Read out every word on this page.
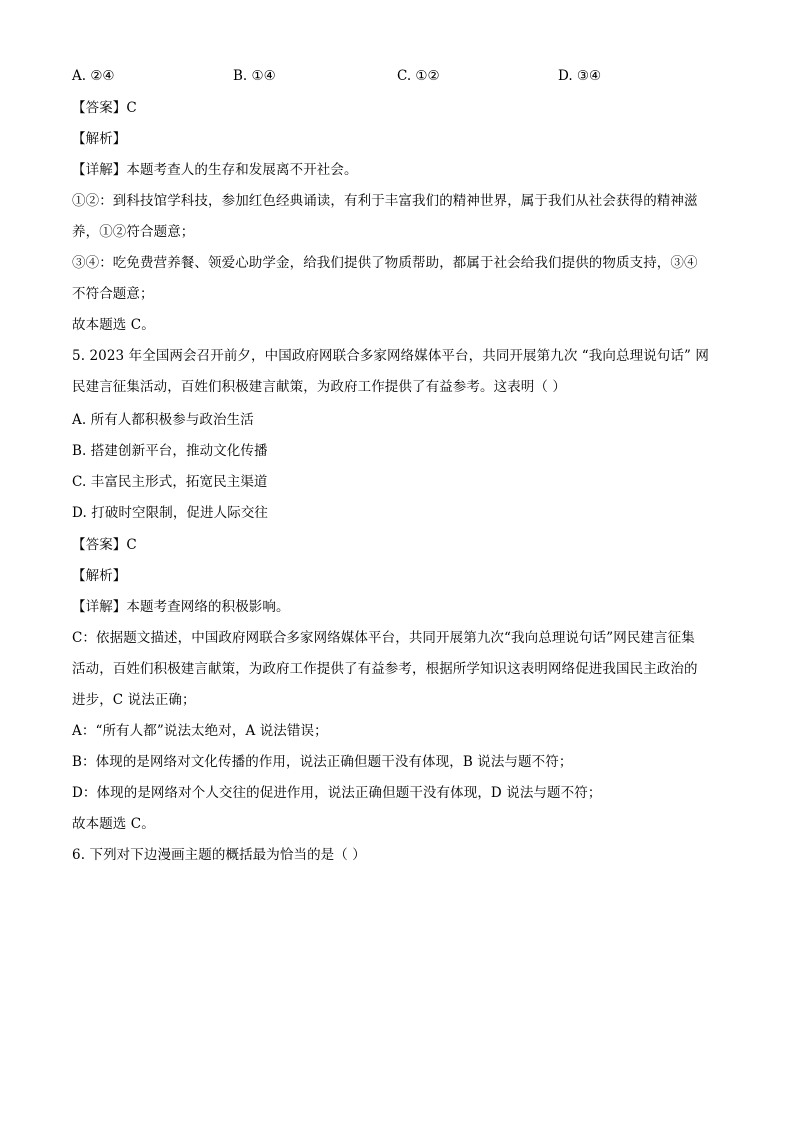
A. ②④	B. ①④	C. ①②	D. ③④
【答案】C
【解析】
【详解】本题考查人的生存和发展离不开社会。
①②：到科技馆学科技，参加红色经典诵读，有利于丰富我们的精神世界，属于我们从社会获得的精神滋
养，①②符合题意；
③④：吃免费营养餐、领爱心助学金，给我们提供了物质帮助，都属于社会给我们提供的物质支持，③④
不符合题意；
故本题选 C。
5. 2023 年全国两会召开前夕，中国政府网联合多家网络媒体平台，共同开展第九次 “我向总理说句话” 网
民建言征集活动，百姓们积极建言献策，为政府工作提供了有益参考。这表明（ ）
A. 所有人都积极参与政治生活
B. 搭建创新平台，推动文化传播
C. 丰富民主形式，拓宽民主渠道
D. 打破时空限制，促进人际交往
【答案】C
【解析】
【详解】本题考查网络的积极影响。
C：依据题文描述，中国政府网联合多家网络媒体平台，共同开展第九次“我向总理说句话”网民建言征集
活动，百姓们积极建言献策，为政府工作提供了有益参考，根据所学知识这表明网络促进我国民主政治的
进步，C 说法正确；
A：“所有人都”说法太绝对，A 说法错误；
B：体现的是网络对文化传播的作用，说法正确但题干没有体现，B 说法与题不符；
D：体现的是网络对个人交往的促进作用，说法正确但题干没有体现，D 说法与题不符；
故本题选 C。
6. 下列对下边漫画主题的概括最为恰当的是（ ）
